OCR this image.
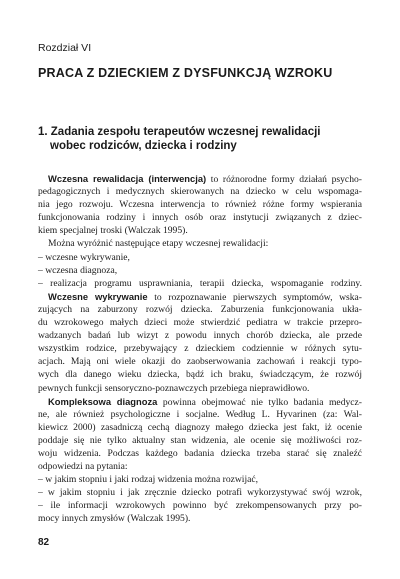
Rozdział VI
PRACA Z DZIECKIEM Z DYSFUNKCJĄ WZROKU
1. Zadania zespołu terapeutów wczesnej rewalidacji
wobec rodziców, dziecka i rodziny
Wczesna rewalidacja (interwencja) to różnorodne formy działań psycho-
pedagogicznych i medycznych skierowanych na dziecko w celu wspomaga-
nia jego rozwoju. Wczesna interwencja to również różne formy wspierania
funkcjonowania rodziny i innych osób oraz instytucji związanych z dziec-
kiem specjalnej troski (Walczak 1995).
Można wyróżnić następujące etapy wczesnej rewalidacji:
– wczesne wykrywanie,
– wczesna diagnoza,
– realizacja programu usprawniania, terapii dziecka, wspomaganie rodziny.
Wczesne wykrywanie to rozpoznawanie pierwszych symptomów, wska-
zujących na zaburzony rozwój dziecka. Zaburzenia funkcjonowania ukła-
du wzrokowego małych dzieci może stwierdzić pediatra w trakcie przepro-
wadzanych badań lub wizyt z powodu innych chorób dziecka, ale przede
wszystkim rodzice, przebywający z dzieckiem codziennie w różnych sytu-
acjach. Mają oni wiele okazji do zaobserwowania zachowań i reakcji typo-
wych dla danego wieku dziecka, bądź ich braku, świadczącym, że rozwój
pewnych funkcji sensoryczno-poznawczych przebiega nieprawidłowo.
Kompleksowa diagnoza powinna obejmować nie tylko badania medycz-
ne, ale również psychologiczne i socjalne. Według L. Hyvarinen (za: Wal-
kiewicz 2000) zasadniczą cechą diagnozy małego dziecka jest fakt, iż ocenie
poddaje się nie tylko aktualny stan widzenia, ale ocenie się możliwości roz-
woju widzenia. Podczas każdego badania dziecka trzeba starać się znaleźć
odpowiedzi na pytania:
– w jakim stopniu i jaki rodzaj widzenia można rozwijać,
– w jakim stopniu i jak zręcznie dziecko potrafi wykorzystywać swój wzrok,
– ile informacji wzrokowych powinno być zrekompensowanych przy po-
mocy innych zmysłów (Walczak 1995).
82
